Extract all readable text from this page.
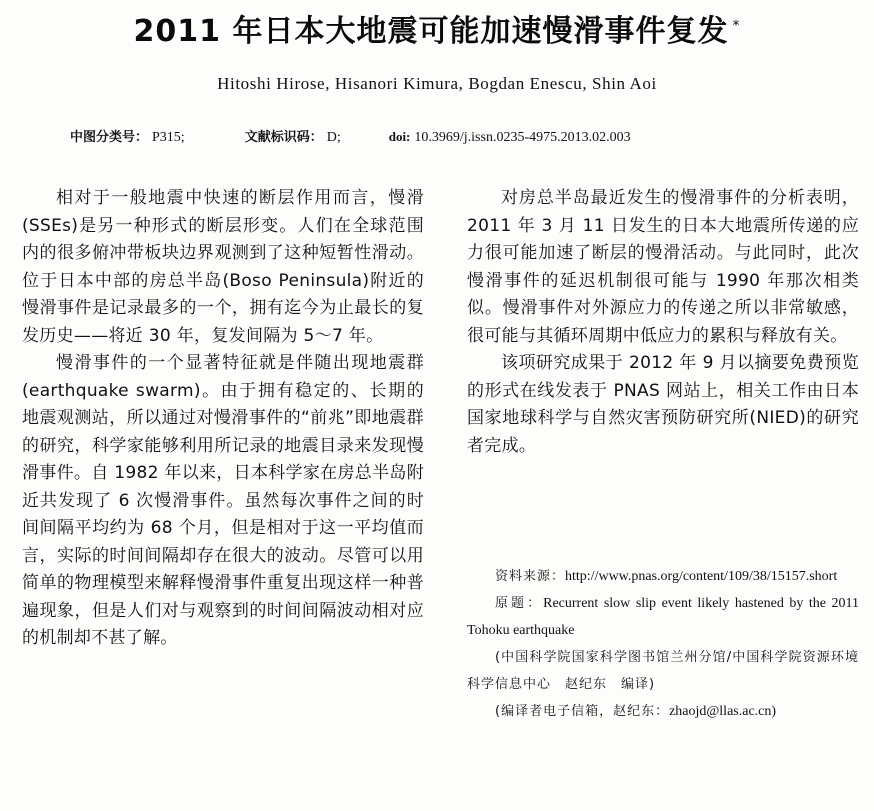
2011 年日本大地震可能加速慢滑事件复发 *
Hitoshi Hirose, Hisanori Kimura, Bogdan Enescu, Shin Aoi
中图分类号： P315;	文献标识码： D;	doi: 10.3969/j.issn.0235-4975.2013.02.003

相对于一般地震中快速的断层作用而言，慢滑(SSEs)是另一种形式的断层形变。人们在全球范围内的很多俯冲带板块边界观测到了这种短暂性滑动。位于日本中部的房总半岛(Boso Peninsula)附近的慢滑事件是记录最多的一个，拥有迄今为止最长的复发历史——将近 30 年，复发间隔为 5～7 年。

慢滑事件的一个显著特征就是伴随出现地震群(earthquake swarm)。由于拥有稳定的、长期的地震观测站，所以通过对慢滑事件的“前兆”即地震群的研究，科学家能够利用所记录的地震目录来发现慢滑事件。自 1982 年以来，日本科学家在房总半岛附近共发现了 6 次慢滑事件。虽然每次事件之间的时间间隔平均约为 68 个月，但是相对于这一平均值而言，实际的时间间隔却存在很大的波动。尽管可以用简单的物理模型来解释慢滑事件重复出现这样一种普遍现象，但是人们对与观察到的时间间隔波动相对应的机制却不甚了解。

对房总半岛最近发生的慢滑事件的分析表明，2011 年 3 月 11 日发生的日本大地震所传递的应力很可能加速了断层的慢滑活动。与此同时，此次慢滑事件的延迟机制很可能与 1990 年那次相类似。慢滑事件对外源应力的传递之所以非常敏感，很可能与其循环周期中低应力的累积与释放有关。

该项研究成果于 2012 年 9 月以摘要免费预览的形式在线发表于 PNAS 网站上，相关工作由日本国家地球科学与自然灾害预防研究所(NIED)的研究者完成。

资料来源：http://www.pnas.org/content/109/38/15157.short

原题：Recurrent slow slip event likely hastened by the 2011 Tohoku earthquake

(中国科学院国家科学图书馆兰州分馆/中国科学院资源环境科学信息中心　赵纪东　编译)

(编译者电子信箱，赵纪东：zhaojd@llas.ac.cn)
